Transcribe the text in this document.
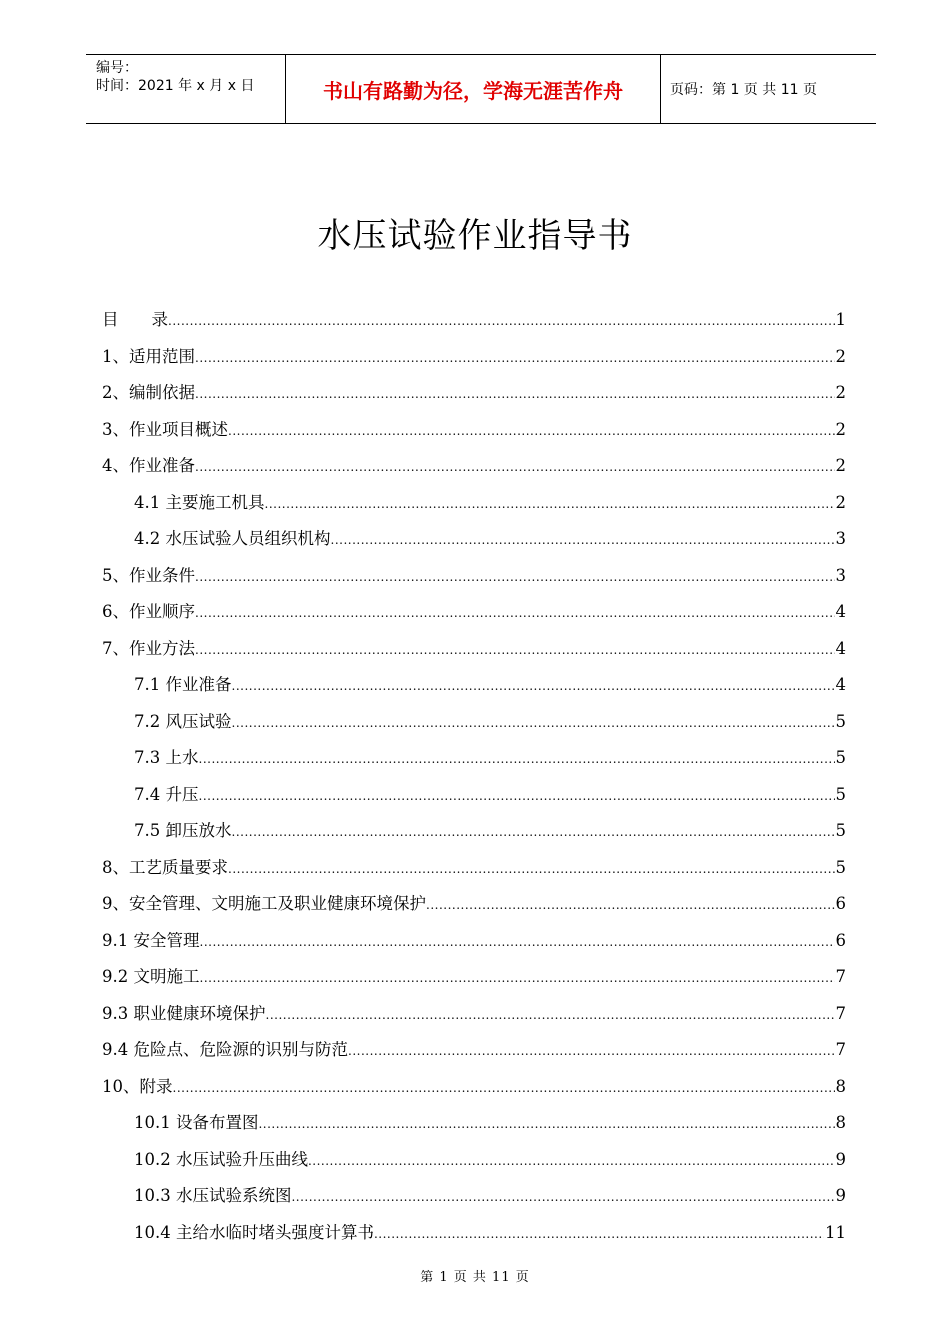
编号：
时间：2021 年 x 月 x 日	书山有路勤为径，学海无涯苦作舟	页码：第 1 页 共 11 页
水压试验作业指导书
目　　录 .....	1
1、适用范围 .....	2
2、编制依据 .....	2
3、作业项目概述 .....	2
4、作业准备 .....	2
4.1 主要施工机具 .....	2
4.2 水压试验人员组织机构 .....	3
5、作业条件 .....	3
6、作业顺序 .....	4
7、作业方法 .....	4
7.1 作业准备 .....	4
7.2 风压试验 .....	5
7.3 上水 .....	5
7.4 升压 .....	5
7.5 卸压放水 .....	5
8、工艺质量要求 .....	5
9、安全管理、文明施工及职业健康环境保护 .....	6
9.1 安全管理 .....	6
9.2 文明施工 .....	7
9.3 职业健康环境保护 .....	7
9.4 危险点、危险源的识别与防范 .....	7
10、附录 .....	8
10.1 设备布置图 .....	8
10.2 水压试验升压曲线 .....	9
10.3 水压试验系统图 .....	9
10.4 主给水临时堵头强度计算书 .....	11
第 1 页 共 11 页
